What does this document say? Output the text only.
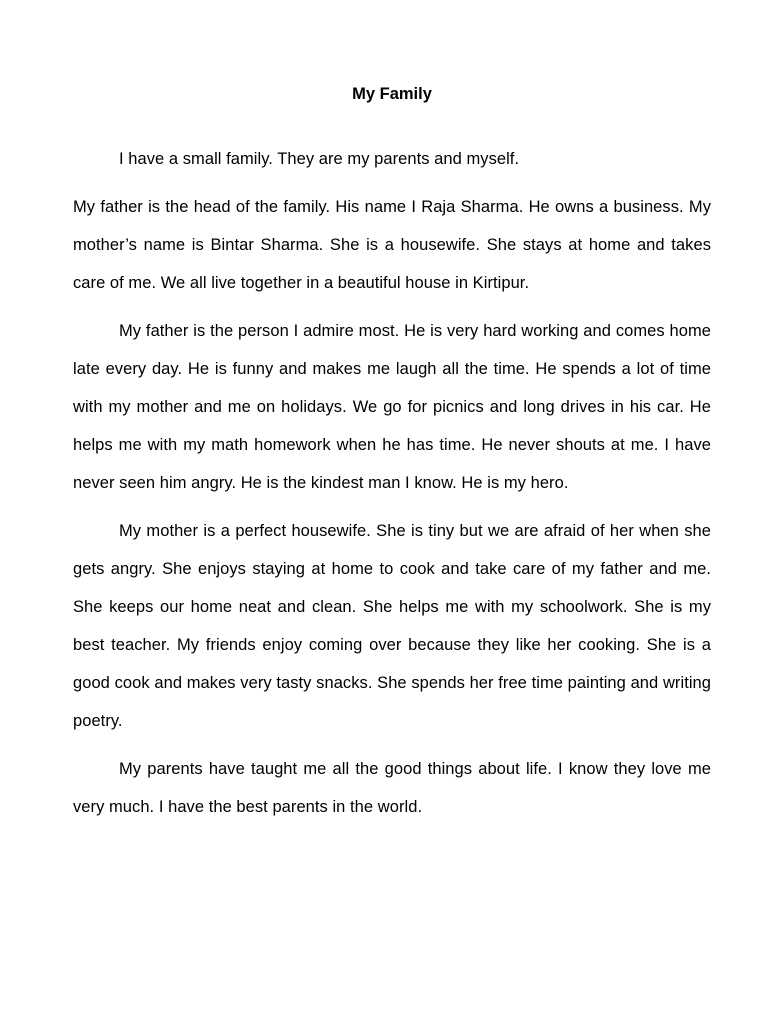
My Family

I have a small family. They are my parents and myself.

My father is the head of the family. His name I Raja Sharma. He owns a business. My mother’s name is Bintar Sharma. She is a housewife. She stays at home and takes care of me. We all live together in a beautiful house in Kirtipur.

My father is the person I admire most. He is very hard working and comes home late every day. He is funny and makes me laugh all the time. He spends a lot of time with my mother and me on holidays. We go for picnics and long drives in his car. He helps me with my math homework when he has time. He never shouts at me. I have never seen him angry. He is the kindest man I know. He is my hero.

My mother is a perfect housewife. She is tiny but we are afraid of her when she gets angry. She enjoys staying at home to cook and take care of my father and me. She keeps our home neat and clean. She helps me with my schoolwork. She is my best teacher. My friends enjoy coming over because they like her cooking. She is a good cook and makes very tasty snacks. She spends her free time painting and writing poetry.

My parents have taught me all the good things about life. I know they love me very much. I have the best parents in the world.
